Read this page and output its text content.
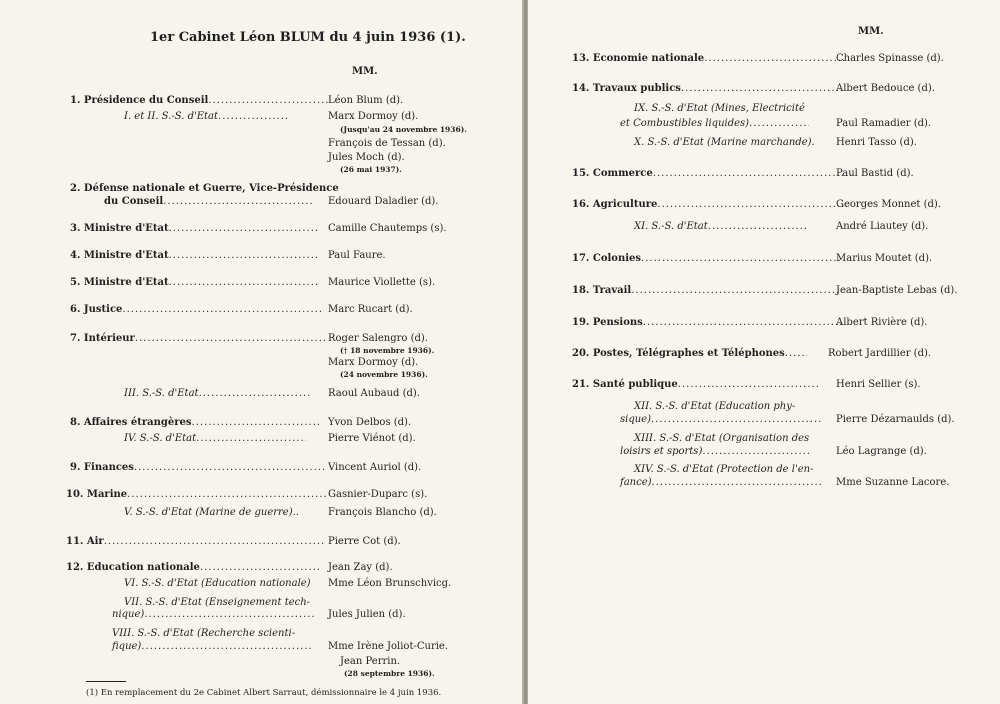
1er Cabinet Léon BLUM du 4 juin 1936 (1).
MM.
1. Présidence du Conseil .....	Léon Blum (d).
I. et II. S.-S. d'Etat .....	Marx Dormoy (d).
(Jusqu'au 24 novembre 1936).
François de Tessan (d).
Jules Moch (d).
(26 mai 1937).
2. Défense nationale et Guerre, Vice-Présidence
du Conseil .....	Edouard Daladier (d).
3. Ministre d'Etat .....	Camille Chautemps (s).
4. Ministre d'Etat .....	Paul Faure.
5. Ministre d'Etat .....	Maurice Viollette (s).
6. Justice .....	Marc Rucart (d).
7. Intérieur .....	Roger Salengro (d).
(† 18 novembre 1936).
Marx Dormoy (d).
(24 novembre 1936).
III. S.-S. d'Etat .....	Raoul Aubaud (d).
8. Affaires étrangères .....	Yvon Delbos (d).
IV. S.-S. d'Etat .....	Pierre Viénot (d).
9. Finances .....	Vincent Auriol (d).
10. Marine .....	Gasnier-Duparc (s).
V. S.-S. d'Etat (Marine de guerre)..	François Blancho (d).
11. Air .....	Pierre Cot (d).
12. Education nationale .....	Jean Zay (d).
VI. S.-S. d'Etat (Education nationale) Mme Léon Brunschvicg.
VII. S.-S. d'Etat (Enseignement tech-
nique) .....	Jules Julien (d).
VIII. S.-S. d'Etat (Recherche scienti-
fique) .....	Mme Irène Joliot-Curie.
Jean Perrin.
(28 septembre 1936).
(1) En remplacement du 2e Cabinet Albert Sarraut, démissionnaire le 4 juin 1936.
MM.
13. Economie nationale .....	Charles Spinasse (d).
14. Travaux publics .....	Albert Bedouce (d).
IX. S.-S. d'Etat (Mines, Electricité
et Combustibles liquides) .....	Paul Ramadier (d).
X. S.-S. d'Etat (Marine marchande). Henri Tasso (d).
15. Commerce .....	Paul Bastid (d).
16. Agriculture .....	Georges Monnet (d).
XI. S.-S. d'Etat .....	André Liautey (d).
17. Colonies .....	Marius Moutet (d).
18. Travail .....	Jean-Baptiste Lebas (d).
19. Pensions .....	Albert Rivière (d).
20. Postes, Télégraphes et Téléphones .....	Robert Jardillier (d).
21. Santé publique .....	Henri Sellier (s).
XII. S.-S. d'Etat (Education phy-
sique) .....	Pierre Dézarnaulds (d).
XIII. S.-S. d'Etat (Organisation des
loisirs et sports) .....	Léo Lagrange (d).
XIV. S.-S. d'Etat (Protection de l'en-
fance) .....	Mme Suzanne Lacore.
